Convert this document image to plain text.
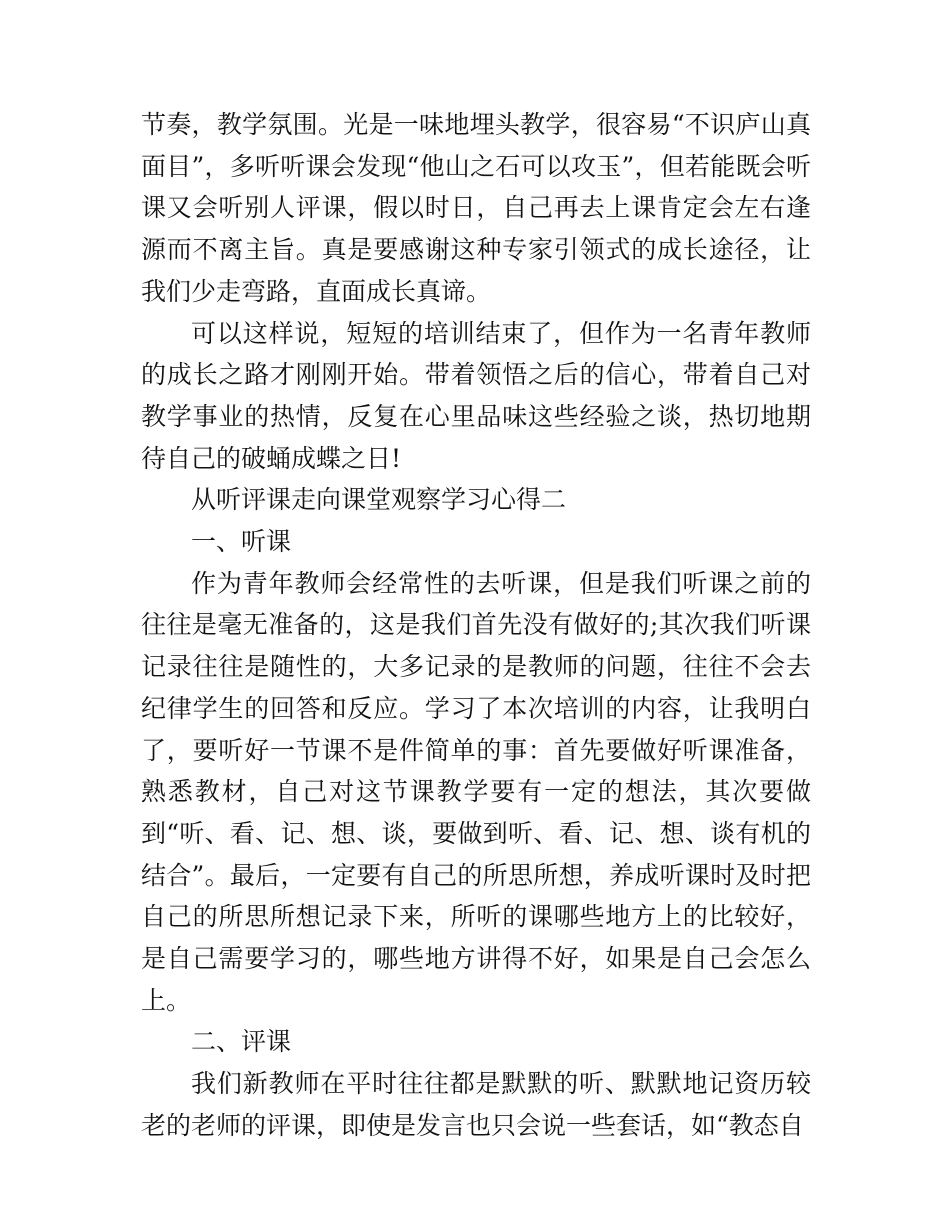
节奏，教学氛围。光是一味地埋头教学，很容易“不识庐山真面目”，多听听课会发现“他山之石可以攻玉”，但若能既会听课又会听别人评课，假以时日，自己再去上课肯定会左右逢源而不离主旨。真是要感谢这种专家引领式的成长途径，让我们少走弯路，直面成长真谛。

可以这样说，短短的培训结束了，但作为一名青年教师的成长之路才刚刚开始。带着领悟之后的信心，带着自己对教学事业的热情，反复在心里品味这些经验之谈，热切地期待自己的破蛹成蝶之日!

从听评课走向课堂观察学习心得二

一、听课

作为青年教师会经常性的去听课，但是我们听课之前的往往是毫无准备的，这是我们首先没有做好的;其次我们听课记录往往是随性的，大多记录的是教师的问题，往往不会去纪律学生的回答和反应。学习了本次培训的内容，让我明白了，要听好一节课不是件简单的事：首先要做好听课准备，熟悉教材，自己对这节课教学要有一定的想法，其次要做到“听、看、记、想、谈，要做到听、看、记、想、谈有机的结合”。最后，一定要有自己的所思所想，养成听课时及时把自己的所思所想记录下来，所听的课哪些地方上的比较好，是自己需要学习的，哪些地方讲得不好，如果是自己会怎么上。

二、评课

我们新教师在平时往往都是默默的听、默默地记资历较老的老师的评课，即使是发言也只会说一些套话，如“教态自
